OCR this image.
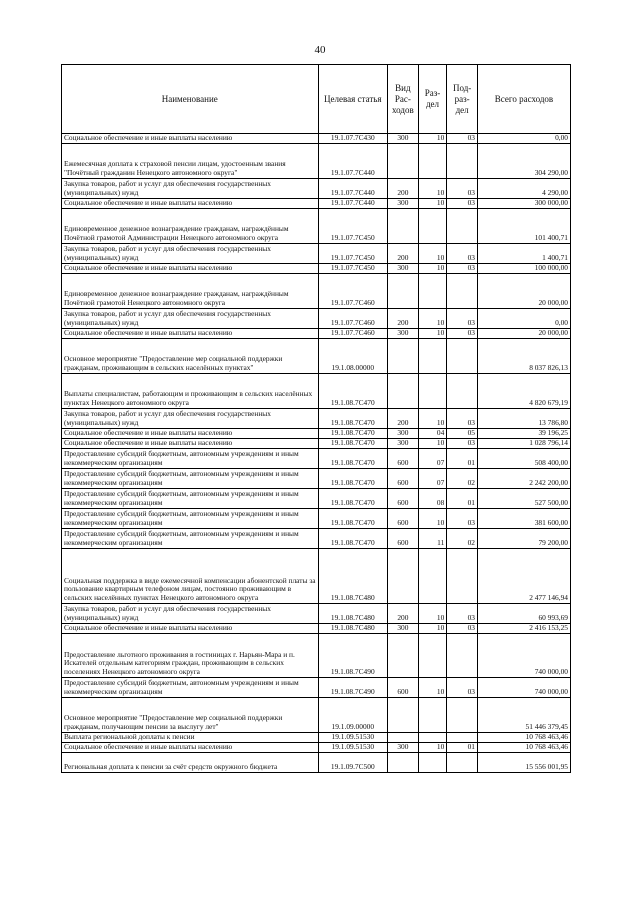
40
Наименование	Целевая статья	Вид Рас- ходов	Раз- дел	Под- раз- дел	Всего расходов
Социальное обеспечение и иные выплаты населению	19.1.07.7С430	300	10	03	0,00
Ежемесячная доплата к страховой пенсии лицам, удостоенным звания "Почётный гражданин Ненецкого автономного округа"	19.1.07.7С440				304 290,00
Закупка товаров, работ и услуг для обеспечения государственных (муниципальных) нужд	19.1.07.7С440	200	10	03	4 290,00
Социальное обеспечение и иные выплаты населению	19.1.07.7С440	300	10	03	300 000,00
Единовременное денежное вознаграждение гражданам, награждённым Почётной грамотой Администрации Ненецкого автономного округа	19.1.07.7С450				101 400,71
Закупка товаров, работ и услуг для обеспечения государственных (муниципальных) нужд	19.1.07.7С450	200	10	03	1 400,71
Социальное обеспечение и иные выплаты населению	19.1.07.7С450	300	10	03	100 000,00
Единовременное денежное вознаграждение гражданам, награждённым Почётной грамотой Ненецкого автономного округа	19.1.07.7С460				20 000,00
Закупка товаров, работ и услуг для обеспечения государственных (муниципальных) нужд	19.1.07.7С460	200	10	03	0,00
Социальное обеспечение и иные выплаты населению	19.1.07.7С460	300	10	03	20 000,00
Основное мероприятие "Предоставление мер социальной поддержки гражданам, проживающим в сельских населённых пунктах"	19.1.08.00000				8 037 826,13
Выплаты специалистам, работающим и проживающим в сельских населённых пунктах Ненецкого автономного округа	19.1.08.7С470				4 820 679,19
Закупка товаров, работ и услуг для обеспечения государственных (муниципальных) нужд	19.1.08.7С470	200	10	03	13 786,80
Социальное обеспечение и иные выплаты населению	19.1.08.7С470	300	04	05	39 196,25
Социальное обеспечение и иные выплаты населению	19.1.08.7С470	300	10	03	1 028 796,14
Предоставление субсидий бюджетным, автономным учреждениям и иным некоммерческим организациям	19.1.08.7С470	600	07	01	508 400,00
Предоставление субсидий бюджетным, автономным учреждениям и иным некоммерческим организациям	19.1.08.7С470	600	07	02	2 242 200,00
Предоставление субсидий бюджетным, автономным учреждениям и иным некоммерческим организациям	19.1.08.7С470	600	08	01	527 500,00
Предоставление субсидий бюджетным, автономным учреждениям и иным некоммерческим организациям	19.1.08.7С470	600	10	03	381 600,00
Предоставление субсидий бюджетным, автономным учреждениям и иным некоммерческим организациям	19.1.08.7С470	600	11	02	79 200,00
Социальная поддержка в виде ежемесячной компенсации абонентской платы за пользование квартирным телефоном лицам, постоянно проживающим в сельских населённых пунктах Ненецкого автономного округа	19.1.08.7С480				2 477 146,94
Закупка товаров, работ и услуг для обеспечения государственных (муниципальных) нужд	19.1.08.7С480	200	10	03	60 993,69
Социальное обеспечение и иные выплаты населению	19.1.08.7С480	300	10	03	2 416 153,25
Предоставление льготного проживания в гостиницах г. Нарьян-Мара и п. Искателей отдельным категориям граждан, проживающим в сельских поселениях Ненецкого автономного округа	19.1.08.7С490				740 000,00
Предоставление субсидий бюджетным, автономным учреждениям и иным некоммерческим организациям	19.1.08.7С490	600	10	03	740 000,00
Основное мероприятие "Предоставление мер социальной поддержки гражданам, получающим пенсии за выслугу лет"	19.1.09.00000				51 446 379,45
Выплата региональной доплаты к пенсии	19.1.09.51530				10 768 463,46
Социальное обеспечение и иные выплаты населению	19.1.09.51530	300	10	01	10 768 463,46
Региональная доплата к пенсии за счёт средств окружного бюджета	19.1.09.7С500				15 556 001,95
